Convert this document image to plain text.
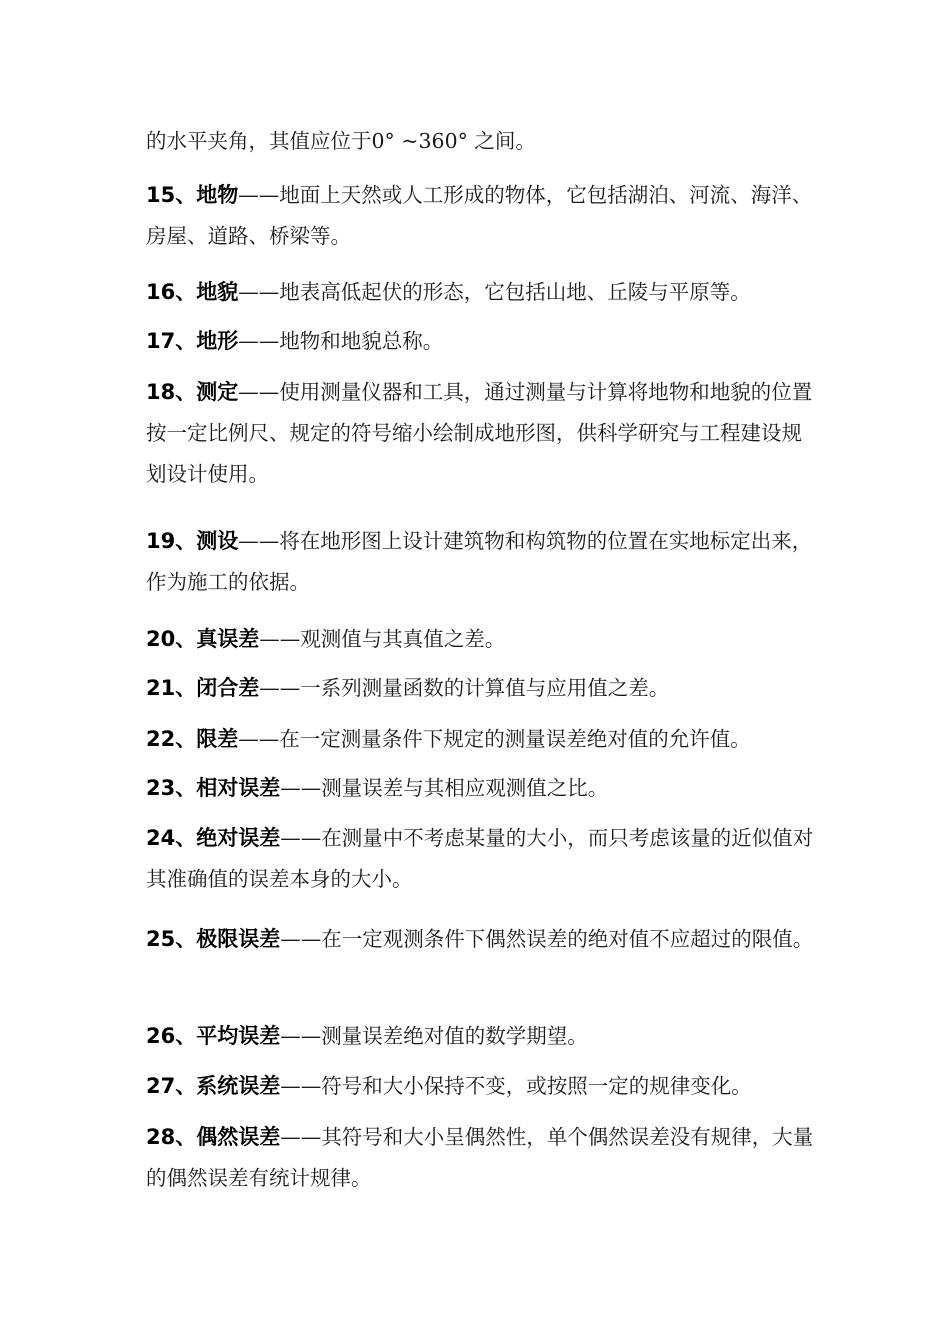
的水平夹角，其值应位于0° ~360° 之间。

15、地物——地面上天然或人工形成的物体，它包括湖泊、河流、海洋、房屋、道路、桥梁等。

16、地貌——地表高低起伏的形态，它包括山地、丘陵与平原等。

17、地形——地物和地貌总称。

18、测定——使用测量仪器和工具，通过测量与计算将地物和地貌的位置按一定比例尺、规定的符号缩小绘制成地形图，供科学研究与工程建设规划设计使用。

19、测设——将在地形图上设计建筑物和构筑物的位置在实地标定出来，作为施工的依据。

20、真误差——观测值与其真值之差。

21、闭合差——一系列测量函数的计算值与应用值之差。

22、限差——在一定测量条件下规定的测量误差绝对值的允许值。

23、相对误差——测量误差与其相应观测值之比。

24、绝对误差——在测量中不考虑某量的大小，而只考虑该量的近似值对其准确值的误差本身的大小。

25、极限误差——在一定观测条件下偶然误差的绝对值不应超过的限值。

26、平均误差——测量误差绝对值的数学期望。

27、系统误差——符号和大小保持不变，或按照一定的规律变化。

28、偶然误差——其符号和大小呈偶然性，单个偶然误差没有规律，大量的偶然误差有统计规律。
